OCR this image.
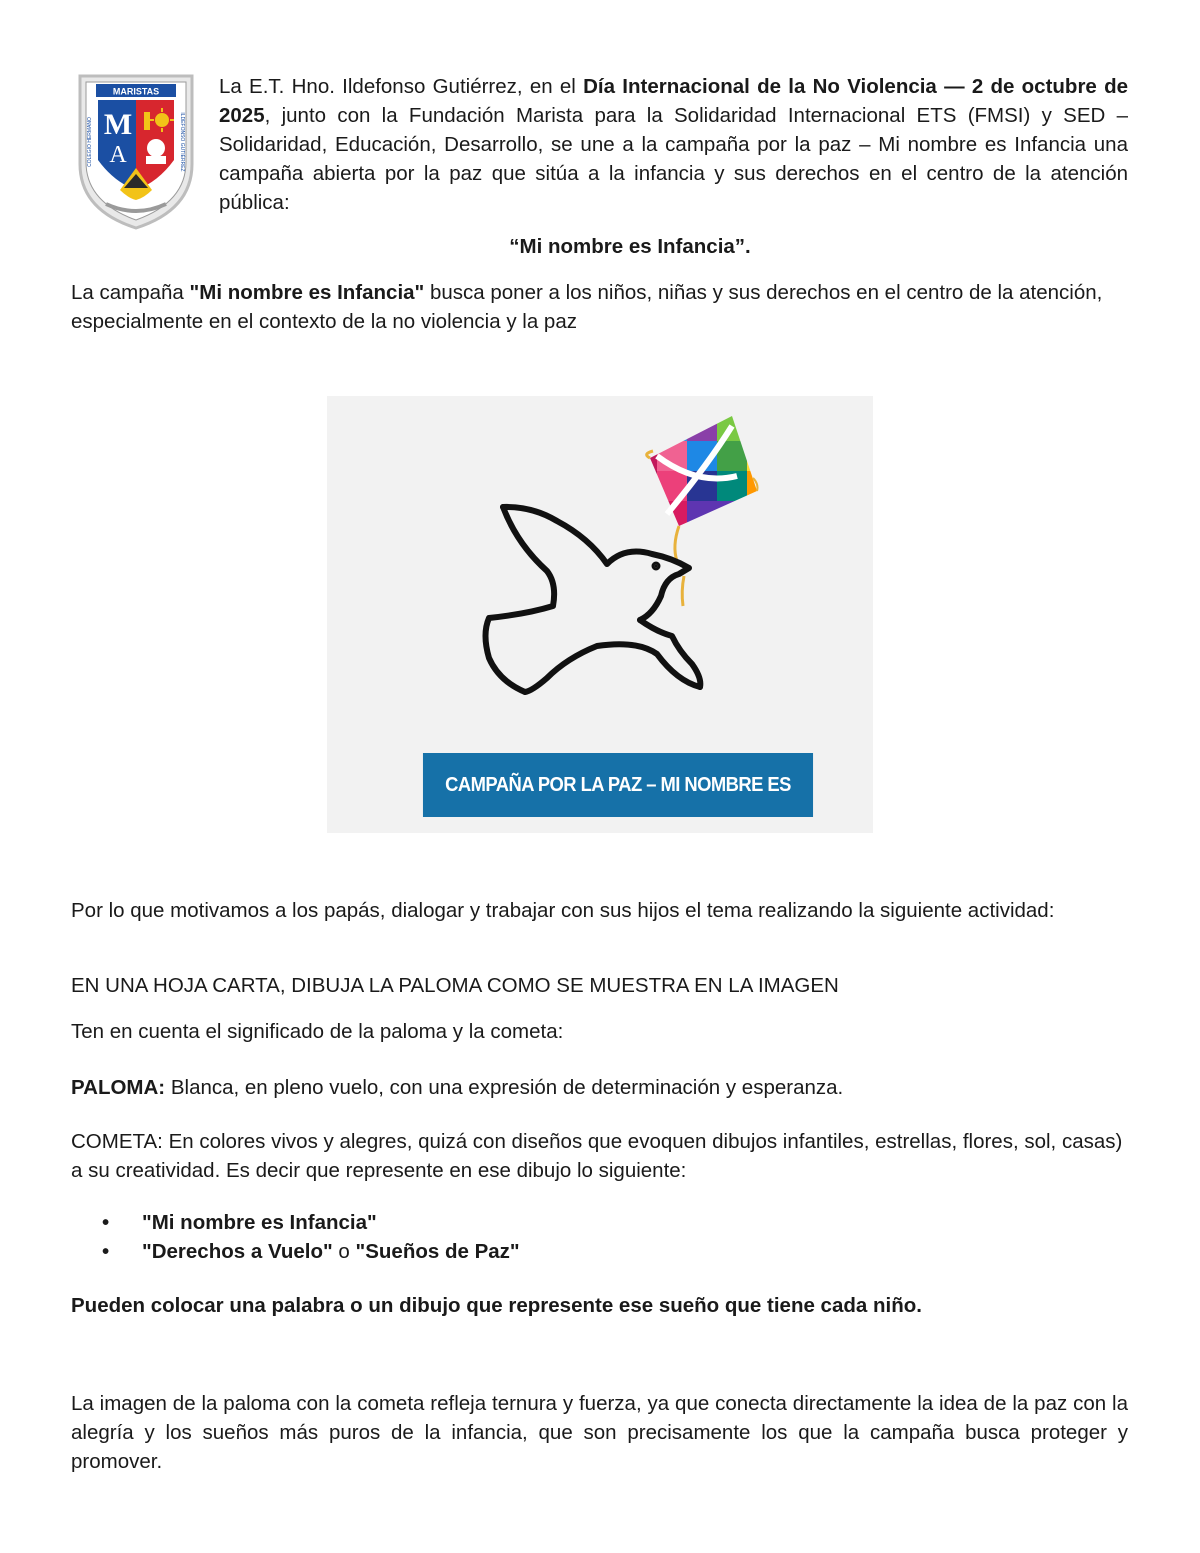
MARISTAS
M
A
COLEGIO HERMANO	ILDEFONSO GUTIÉRREZ
La E.T. Hno. Ildefonso Gutiérrez, en el Día Internacional de la No Violencia — 2 de octubre de 2025, junto con la Fundación Marista para la Solidaridad Internacional ETS (FMSI) y SED – Solidaridad, Educación, Desarrollo, se une a la campaña por la paz – Mi nombre es Infancia una campaña abierta por la paz que sitúa a la infancia y sus derechos en el centro de la atención pública:
“Mi nombre es Infancia”.
La campaña "Mi nombre es Infancia" busca poner a los niños, niñas y sus derechos en el centro de la atención, especialmente en el contexto de la no violencia y la paz
CAMPAÑA POR LA PAZ – MI NOMBRE ES INFANCIA
Por lo que motivamos a los papás, dialogar y trabajar con sus hijos el tema realizando la siguiente actividad:
EN UNA HOJA CARTA, DIBUJA LA PALOMA COMO SE MUESTRA EN LA IMAGEN
Ten en cuenta el significado de la paloma y la cometa:
PALOMA: Blanca, en pleno vuelo, con una expresión de determinación y esperanza.
COMETA: En colores vivos y alegres, quizá con diseños que evoquen dibujos infantiles, estrellas, flores, sol, casas) a su creatividad. Es decir que represente en ese dibujo lo siguiente:
• "Mi nombre es Infancia"
• "Derechos a Vuelo" o "Sueños de Paz"
Pueden colocar una palabra o un dibujo que represente ese sueño que tiene cada niño.
La imagen de la paloma con la cometa refleja ternura y fuerza, ya que conecta directamente la idea de la paz con la alegría y los sueños más puros de la infancia, que son precisamente los que la campaña busca proteger y promover.
